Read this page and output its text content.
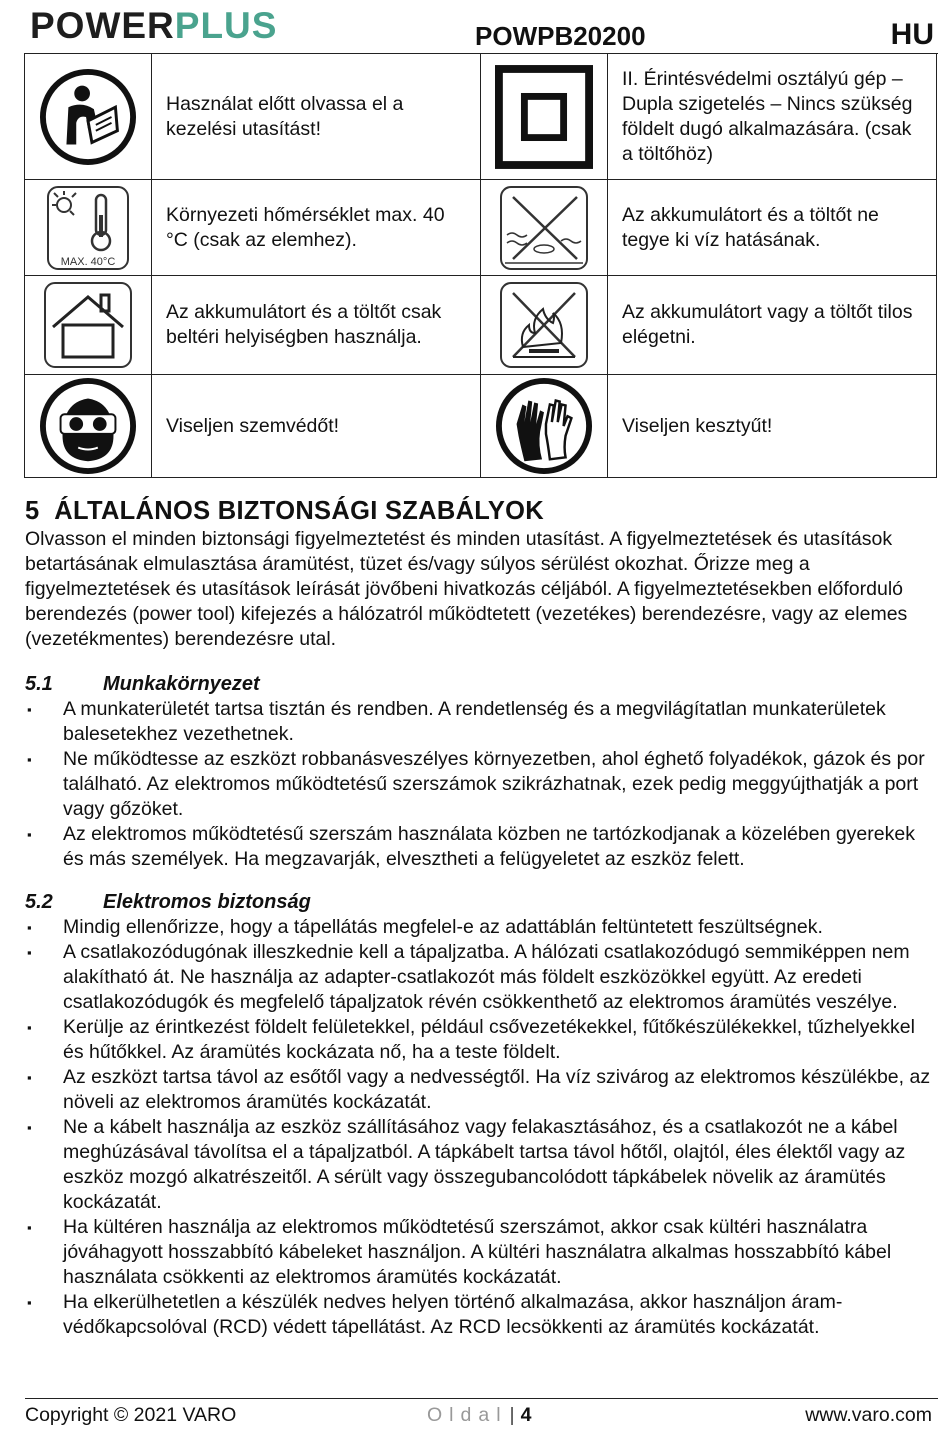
POWERPLUS	POWPB20200	HU
	Használat előtt olvassa el a kezelési utasítást!		II. Érintésvédelmi osztályú gép – Dupla szigetelés – Nincs szükség földelt dugó alkalmazására. (csak a töltőhöz)

MAX. 40°C	Környezeti hőmérséklet max. 40 °C (csak az elemhez).		Az akkumulátort és a töltőt ne tegye ki víz hatásának.

	Az akkumulátort és a töltőt csak beltéri helyiségben használja.		Az akkumulátort vagy a töltőt tilos elégetni.

	Viseljen szemvédőt!		Viseljen kesztyűt!
5 ÁLTALÁNOS BIZTONSÁGI SZABÁLYOK

Olvasson el minden biztonsági figyelmeztetést és minden utasítást. A figyelmeztetések és utasítások betartásának elmulasztása áramütést, tüzet és/vagy súlyos sérülést okozhat. Őrizze meg a figyelmeztetések és utasítások leírását jövőbeni hivatkozás céljából. A figyelmeztetésekben előforduló berendezés (power tool) kifejezés a hálózatról működtetett (vezetékes) berendezésre, vagy az elemes (vezetékmentes) berendezésre utal.

5.1	Munkakörnyezet
▪ A munkaterületét tartsa tisztán és rendben. A rendetlenség és a megvilágítatlan munkaterületek balesetekhez vezethetnek.
▪ Ne működtesse az eszközt robbanásveszélyes környezetben, ahol éghető folyadékok, gázok és por található. Az elektromos működtetésű szerszámok szikrázhatnak, ezek pedig meggyújthatják a port vagy gőzöket.
▪ Az elektromos működtetésű szerszám használata közben ne tartózkodjanak a közelében gyerekek és más személyek. Ha megzavarják, elvesztheti a felügyeletet az eszköz felett.
5.2	Elektromos biztonság
▪ Mindig ellenőrizze, hogy a tápellátás megfelel-e az adattáblán feltüntetett feszültségnek.
▪ A csatlakozódugónak illeszkednie kell a tápaljzatba. A hálózati csatlakozódugó semmiképpen nem alakítható át. Ne használja az adapter-csatlakozót más földelt eszközökkel együtt. Az eredeti csatlakozódugók és megfelelő tápaljzatok révén csökkenthető az elektromos áramütés veszélye.
▪ Kerülje az érintkezést földelt felületekkel, például csővezetékekkel, fűtőkészülékekkel, tűzhelyekkel és hűtőkkel. Az áramütés kockázata nő, ha a teste földelt.
▪ Az eszközt tartsa távol az esőtől vagy a nedvességtől. Ha víz szivárog az elektromos készülékbe, az növeli az elektromos áramütés kockázatát.
▪ Ne a kábelt használja az eszköz szállításához vagy felakasztásához, és a csatlakozót ne a kábel meghúzásával távolítsa el a tápaljzatból. A tápkábelt tartsa távol hőtől, olajtól, éles élektől vagy az eszköz mozgó alkatrészeitől. A sérült vagy összegubancolódott tápkábelek növelik az áramütés kockázatát.
▪ Ha kültéren használja az elektromos működtetésű szerszámot, akkor csak kültéri használatra jóváhagyott hosszabbító kábeleket használjon. A kültéri használatra alkalmas hosszabbító kábel használata csökkenti az elektromos áramütés kockázatát.
▪ Ha elkerülhetetlen a készülék nedves helyen történő alkalmazása, akkor használjon áram-védőkapcsolóval (RCD) védett tápellátást. Az RCD lecsökkenti az áramütés kockázatát.
Copyright © 2021 VARO	Oldal | 4	www.varo.com
